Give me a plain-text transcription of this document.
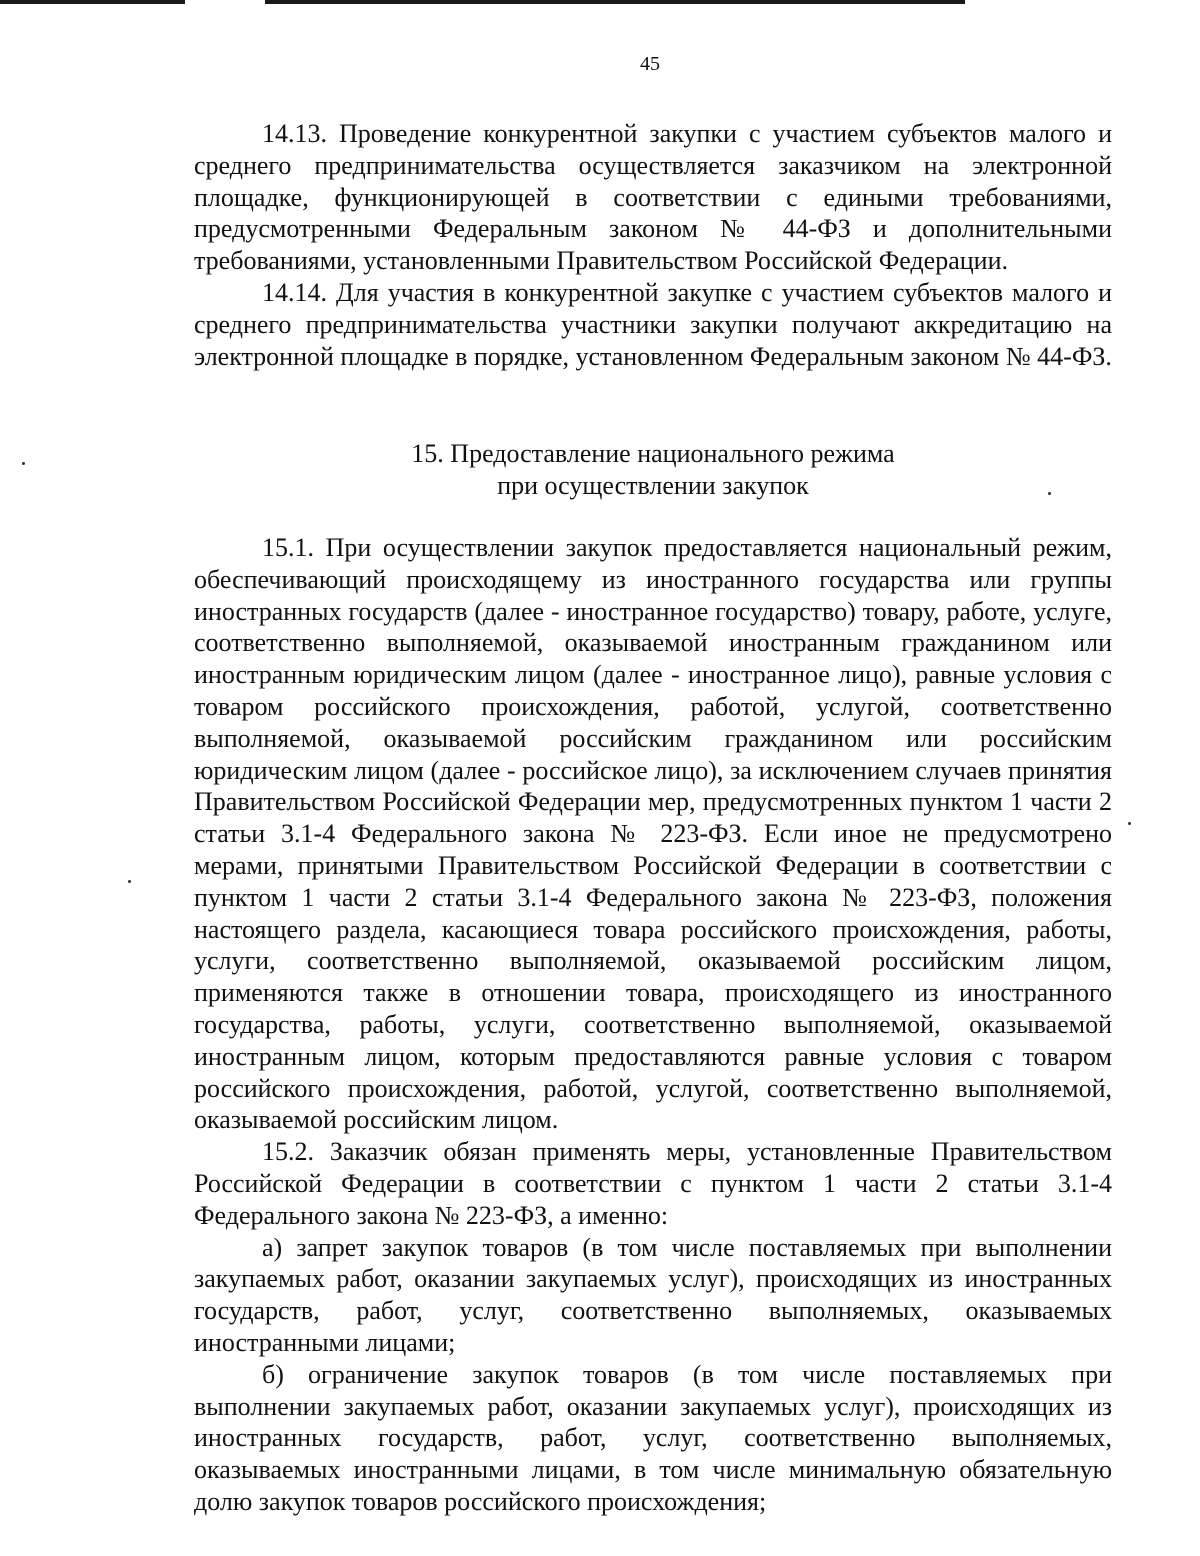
45

14.13. Проведение конкурентной закупки с участием субъектов малого и среднего предпринимательства осуществляется заказчиком на электронной площадке, функционирующей в соответствии с едиными требованиями, предусмотренными Федеральным законом № 44-ФЗ и дополнительными требованиями, установленными Правительством Российской Федерации.

14.14. Для участия в конкурентной закупке с участием субъектов малого и среднего предпринимательства участники закупки получают аккредитацию на электронной площадке в порядке, установленном Федеральным законом № 44-ФЗ.

15. Предоставление национального режима
при осуществлении закупок

15.1. При осуществлении закупок предоставляется национальный режим, обеспечивающий происходящему из иностранного государства или группы иностранных государств (далее - иностранное государство) товару, работе, услуге, соответственно выполняемой, оказываемой иностранным гражданином или иностранным юридическим лицом (далее - иностранное лицо), равные условия с товаром российского происхождения, работой, услугой, соответственно выполняемой, оказываемой российским гражданином или российским юридическим лицом (далее - российское лицо), за исключением случаев принятия Правительством Российской Федерации мер, предусмотренных пунктом 1 части 2 статьи 3.1-4 Федерального закона № 223-ФЗ. Если иное не предусмотрено мерами, принятыми Правительством Российской Федерации в соответствии с пунктом 1 части 2 статьи 3.1-4 Федерального закона № 223-ФЗ, положения настоящего раздела, касающиеся товара российского происхождения, работы, услуги, соответственно выполняемой, оказываемой российским лицом, применяются также в отношении товара, происходящего из иностранного государства, работы, услуги, соответственно выполняемой, оказываемой иностранным лицом, которым предоставляются равные условия с товаром российского происхождения, работой, услугой, соответственно выполняемой, оказываемой российским лицом.

15.2. Заказчик обязан применять меры, установленные Правительством Российской Федерации в соответствии с пунктом 1 части 2 статьи 3.1-4 Федерального закона № 223-ФЗ, а именно:

а) запрет закупок товаров (в том числе поставляемых при выполнении закупаемых работ, оказании закупаемых услуг), происходящих из иностранных государств, работ, услуг, соответственно выполняемых, оказываемых иностранными лицами;

б) ограничение закупок товаров (в том числе поставляемых при выполнении закупаемых работ, оказании закупаемых услуг), происходящих из иностранных государств, работ, услуг, соответственно выполняемых, оказываемых иностранными лицами, в том числе минимальную обязательную долю закупок товаров российского происхождения;
